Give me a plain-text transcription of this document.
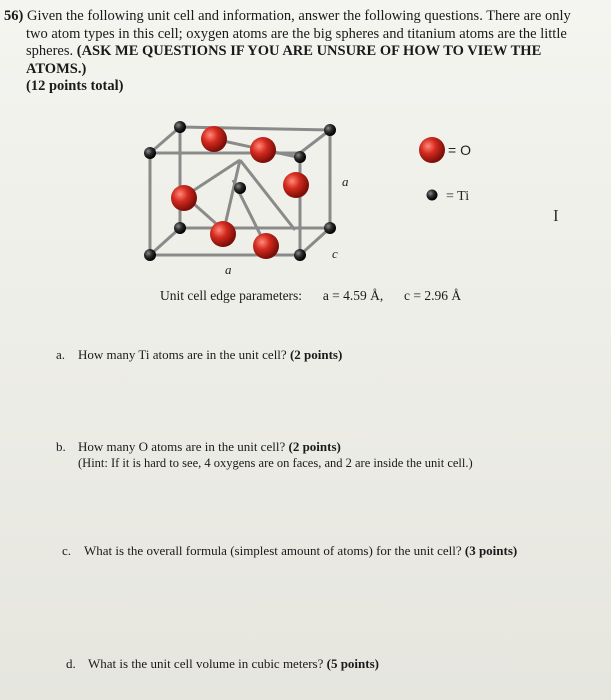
56) Given the following unit cell and information, answer the following questions. There are only
two atom types in this cell; oxygen atoms are the big spheres and titanium atoms are the little
spheres. (ASK ME QUESTIONS IF YOU ARE UNSURE OF HOW TO VIEW THE ATOMS.)
(12 points total)
a
c
a
= O
= Ti
Unit cell edge parameters: a = 4.59 Å, c = 2.96 Å
a. How many Ti atoms are in the unit cell? (2 points)
b. How many O atoms are in the unit cell? (2 points)
(Hint: If it is hard to see, 4 oxygens are on faces, and 2 are inside the unit cell.)
c. What is the overall formula (simplest amount of atoms) for the unit cell? (3 points)
d. What is the unit cell volume in cubic meters? (5 points)
I
